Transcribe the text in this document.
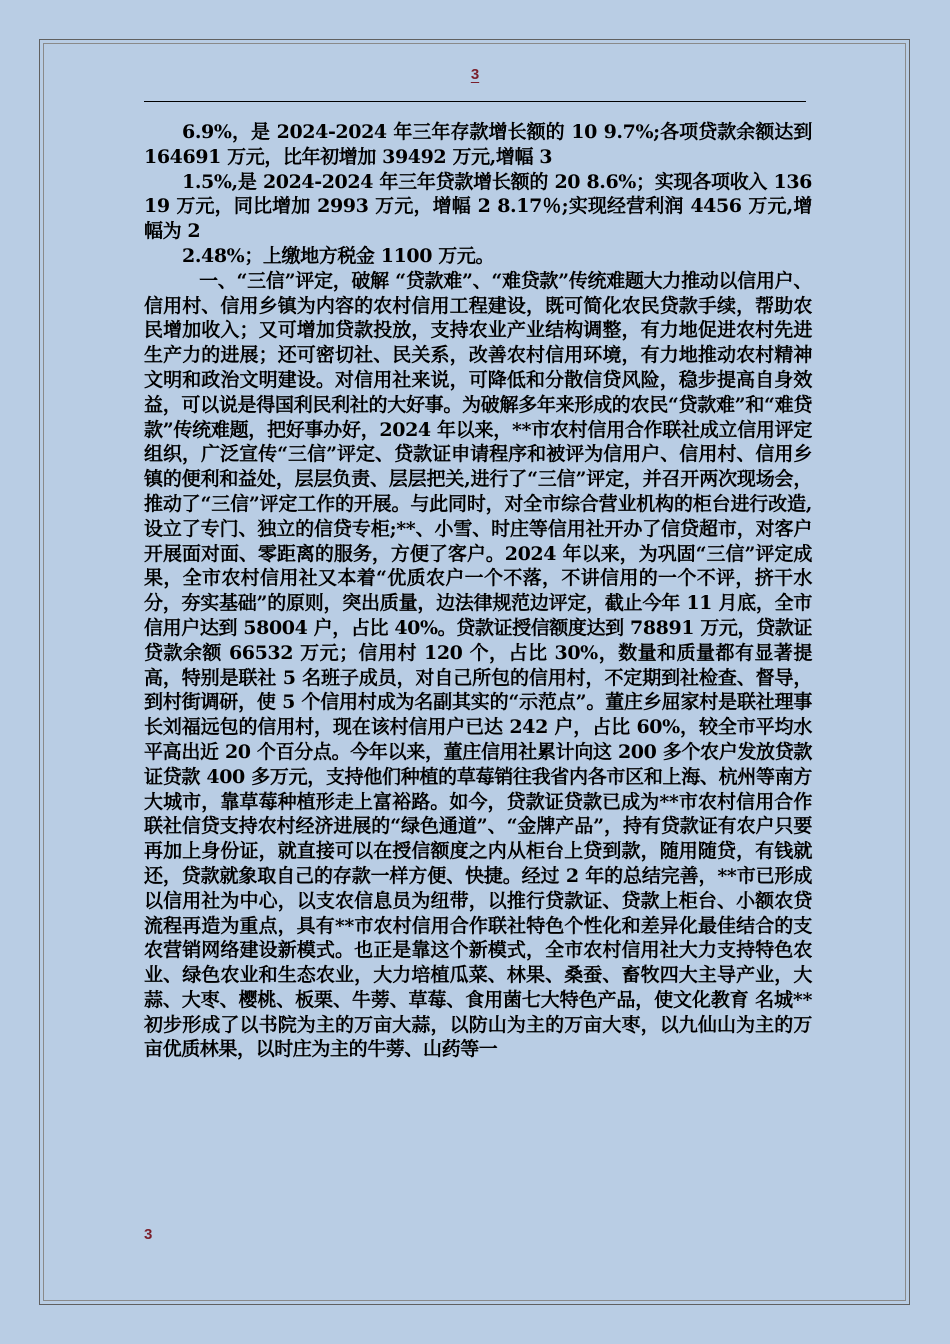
3

6.9%，是 2024-2024 年三年存款增长额的 10 9.7%;各项贷款余额达到 164691 万元，比年初增加 39492 万元,增幅 3

1.5%,是 2024-2024 年三年贷款增长额的 20 8.6%；实现各项收入 13619 万元，同比增加 2993 万元，增幅 2 8.17％;实现经营利润 4456 万元,增幅为 2

2.48%；上缴地方税金 1100 万元。

一、“三信”评定，破解 “贷款难”、“难贷款”传统难题大力推动以信用户、信用村、信用乡镇为内容的农村信用工程建设，既可简化农民贷款手续，帮助农民增加收入；又可增加贷款投放，支持农业产业结构调整，有力地促进农村先进生产力的进展；还可密切社、民关系，改善农村信用环境，有力地推动农村精神文明和政治文明建设。对信用社来说，可降低和分散信贷风险，稳步提高自身效益，可以说是得国利民利社的大好事。为破解多年来形成的农民“贷款难”和“难贷款”传统难题，把好事办好，2024 年以来，**市农村信用合作联社成立信用评定组织，广泛宣传“三信”评定、贷款证申请程序和被评为信用户、信用村、信用乡镇的便利和益处，层层负责、层层把关,进行了“三信”评定，并召开两次现场会，推动了“三信”评定工作的开展。与此同时，对全市综合营业机构的柜台进行改造,设立了专门、独立的信贷专柜;**、小雪、时庄等信用社开办了信贷超市，对客户开展面对面、零距离的服务，方便了客户。2024 年以来，为巩固“三信”评定成果，全市农村信用社又本着“优质农户一个不落，不讲信用的一个不评，挤干水分，夯实基础”的原则，突出质量，边法律规范边评定，截止今年 11 月底，全市信用户达到 58004 户，占比 40%。贷款证授信额度达到 78891 万元，贷款证贷款余额 66532 万元；信用村 120 个，占比 30%，数量和质量都有显著提高，特别是联社 5 名班子成员，对自己所包的信用村，不定期到社检查、督导，到村街调研，使 5 个信用村成为名副其实的“示范点”。董庄乡屈家村是联社理事长刘福远包的信用村，现在该村信用户已达 242 户，占比 60%，较全市平均水平高出近 20 个百分点。今年以来，董庄信用社累计向这 200 多个农户发放贷款证贷款 400 多万元，支持他们种植的草莓销往我省内各市区和上海、杭州等南方大城市，靠草莓种植形走上富裕路。如今，贷款证贷款已成为**市农村信用合作联社信贷支持农村经济进展的“绿色通道”、“金牌产品”，持有贷款证有农户只要再加上身份证，就直接可以在授信额度之内从柜台上贷到款，随用随贷，有钱就还，贷款就象取自己的存款一样方便、快捷。经过 2 年的总结完善，**市已形成以信用社为中心，以支农信息员为纽带，以推行贷款证、贷款上柜台、小额农贷流程再造为重点，具有**市农村信用合作联社特色个性化和差异化最佳结合的支农营销网络建设新模式。也正是靠这个新模式，全市农村信用社大力支持特色农业、绿色农业和生态农业，大力培植瓜菜、林果、桑蚕、畜牧四大主导产业，大蒜、大枣、樱桃、板栗、牛蒡、草莓、食用菌七大特色产品，使文化教育 名城**初步形成了以书院为主的万亩大蒜，以防山为主的万亩大枣，以九仙山为主的万亩优质林果，以时庄为主的牛蒡、山药等一

3
